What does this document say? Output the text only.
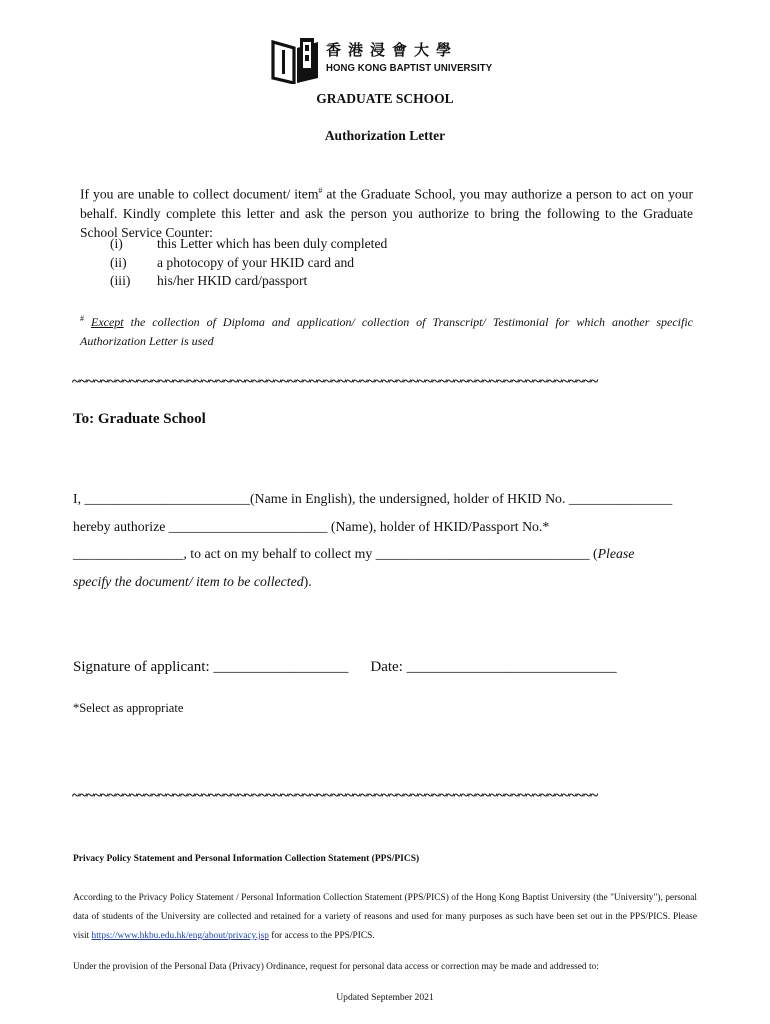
香港浸會大學
HONG KONG BAPTIST UNIVERSITY
GRADUATE SCHOOL
Authorization Letter
If you are unable to collect document/ item# at the Graduate School, you may authorize a person to act on your behalf. Kindly complete this letter and ask the person you authorize to bring the following to the Graduate School Service Counter:
(i)	this Letter which has been duly completed
(ii) a photocopy of your HKID card and
(iii) his/her HKID card/passport
# Except the collection of Diploma and application/ collection of Transcript/ Testimonial for which another specific Authorization Letter is used
~~~~~~~~~~~~~~~~~~~~~~~~~~~~~~~~~~~~~~~~~~~~~~~~~~~~~~~~~~~~~~~~~~~~~~~~~
To: Graduate School
I, ________________________(Name in English), the undersigned, holder of HKID No. _______________
hereby authorize _______________________ (Name), holder of HKID/Passport No.*
________________, to act on my behalf to collect my _______________________________ (Please
specify the document/ item to be collected).
Signature of applicant: __________________ Date: ____________________________
*Select as appropriate
~~~~~~~~~~~~~~~~~~~~~~~~~~~~~~~~~~~~~~~~~~~~~~~~~~~~~~~~~~~~~~~~~~~~~~~~~
Privacy Policy Statement and Personal Information Collection Statement (PPS/PICS)
According to the Privacy Policy Statement / Personal Information Collection Statement (PPS/PICS) of the Hong Kong Baptist University (the "University"), personal data of students of the University are collected and retained for a variety of reasons and used for many purposes as such have been set out in the PPS/PICS. Please visit https://www.hkbu.edu.hk/eng/about/privacy.jsp for access to the PPS/PICS.
Under the provision of the Personal Data (Privacy) Ordinance, request for personal data access or correction may be made and addressed to:
Updated September 2021
